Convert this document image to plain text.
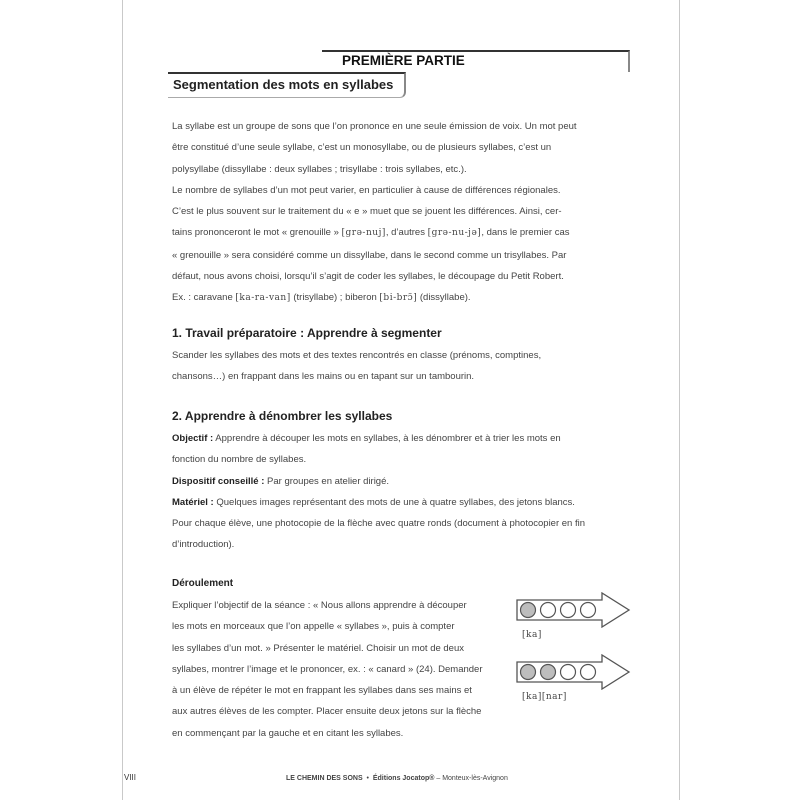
PREMIÈRE PARTIE
Segmentation des mots en syllabes

La syllabe est un groupe de sons que l’on prononce en une seule émission de voix. Un mot peut
être constitué d’une seule syllabe, c’est un monosyllabe, ou de plusieurs syllabes, c’est un
polysyllabe (dissyllabe : deux syllabes ; trisyllabe : trois syllabes, etc.).
Le nombre de syllabes d’un mot peut varier, en particulier à cause de différences régionales.
C’est le plus souvent sur le traitement du « e » muet que se jouent les différences. Ainsi, cer-
tains prononceront le mot « grenouille » [grə-nuj], d’autres [grə-nu-jə], dans le premier cas
« grenouille » sera considéré comme un dissyllabe, dans le second comme un trisyllabes. Par
défaut, nous avons choisi, lorsqu’il s’agit de coder les syllabes, le découpage du Petit Robert.
Ex. : caravane [ka-ra-van] (trisyllabe) ; biberon [bi-brɔ̃] (dissyllabe).

1. Travail préparatoire : Apprendre à segmenter

Scander les syllabes des mots et des textes rencontrés en classe (prénoms, comptines,
chansons…) en frappant dans les mains ou en tapant sur un tambourin.

2. Apprendre à dénombrer les syllabes

Objectif : Apprendre à découper les mots en syllabes, à les dénombrer et à trier les mots en
fonction du nombre de syllabes.
Dispositif conseillé : Par groupes en atelier dirigé.
Matériel : Quelques images représentant des mots de une à quatre syllabes, des jetons blancs.
Pour chaque élève, une photocopie de la flèche avec quatre ronds (document à photocopier en fin
d’introduction).

Déroulement

Expliquer l’objectif de la séance : « Nous allons apprendre à découper
les mots en morceaux que l’on appelle « syllabes », puis à compter
les syllabes d’un mot. » Présenter le matériel. Choisir un mot de deux
syllabes, montrer l’image et le prononcer, ex. : « canard » (24). Demander
à un élève de répéter le mot en frappant les syllabes dans ses mains et
aux autres élèves de les compter. Placer ensuite deux jetons sur la flèche
en commençant par la gauche et en citant les syllabes.

[ka]
[ka][nar]
VIII	LE CHEMIN DES SONS • Éditions Jocatop® – Monteux-lès-Avignon
